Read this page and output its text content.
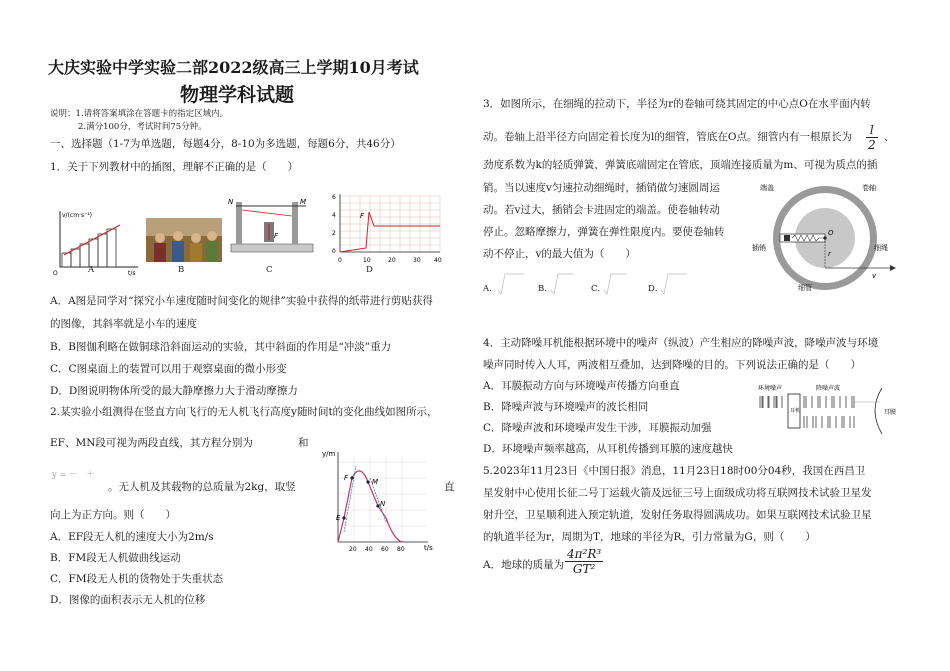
大庆实验中学实验二部2022级高三上学期10月考试
物理学科试题
说明：1.请将答案填涂在答题卡的指定区域内。
2.满分100分，考试时间75分钟。
一、选择题（1-7为单选题，每题4分，8-10为多选题，每题6分，共46分）
1．关于下列教材中的插图，理解不正确的是（　　）
v/(cm·s⁻¹)
t/s
O	A	B
N	M
F
C
F
6
4
2
0
0	10	20	30 40
D
A．A图是同学对“探究小车速度随时间变化的规律”实验中获得的纸带进行剪贴获得
的图像，其斜率就是小车的速度
B．B图伽利略在做铜球沿斜面运动的实验，其中斜面的作用是“冲淡”重力
C．C图桌面上的装置可以用于观察桌面的微小形变
D．D图说明物体所受的最大静摩擦力大于滑动摩擦力
2.某实验小组测得在竖直方向飞行的无人机飞行高度y随时间t的变化曲线如图所示，
EF、MN段可视为两段直线，其方程分别为	和
y = －　＋
。无人机及其载物的总质量为2kg，取竖	直
向上为正方向。则（　　）
y/m
t/s
E
F	M
N
20 40 60 80
A．EF段无人机的速度大小为2m/s
B．FM段无人机做曲线运动
C．FM段无人机的货物处于失重状态
D．图像的面积表示无人机的位移
3．如图所示，在细绳的拉动下，半径为r的卷轴可绕其固定的中心点O在水平面内转
动。卷轴上沿半径方向固定着长度为l的细管，管底在O点。细管内有一根原长为 $\frac{l}{2}$ 、
劲度系数为k的轻质弹簧，弹簧底端固定在管底，顶端连接质量为m、可视为质点的插
销。当以速度v匀速拉动细绳时，插销做匀速圆周运
动。若v过大，插销会卡进固定的端盖。使卷轴转动
停止。忽略摩擦力，弹簧在弹性限度内。要使卷轴转
动不停止，v的最大值为（　　）
A．	B．	C．	D．
端盖	卷轴
插销	细绳
细管
O
r
v
4．主动降噪耳机能根据环境中的噪声（纵波）产生相应的降噪声波，降噪声波与环境
噪声同时传入人耳，两波相互叠加，达到降噪的目的。下列说法正确的是（　　）
A．耳膜振动方向与环境噪声传播方向垂直
B．降噪声波与环境噪声的波长相同
C．降噪声波和环境噪声发生干涉，耳膜振动加强
D．环境噪声频率越高，从耳机传播到耳膜的速度越快
环境噪声	降噪声波
耳膜
耳机
5.2023年11月23日《中国日报》消息，11月23日18时00分04秒，我国在西昌卫
星发射中心使用长征二号丁运载火箭及远征三号上面级成功将互联网技术试验卫星发
射升空，卫星顺利进入预定轨道，发射任务取得圆满成功。如果互联网技术试验卫星
的轨道半径为r，周期为T，地球的半径为R，引力常量为G，则（　　）
A．地球的质量为 $\frac{\text{4π²R³}}{\text{GT²}}$
